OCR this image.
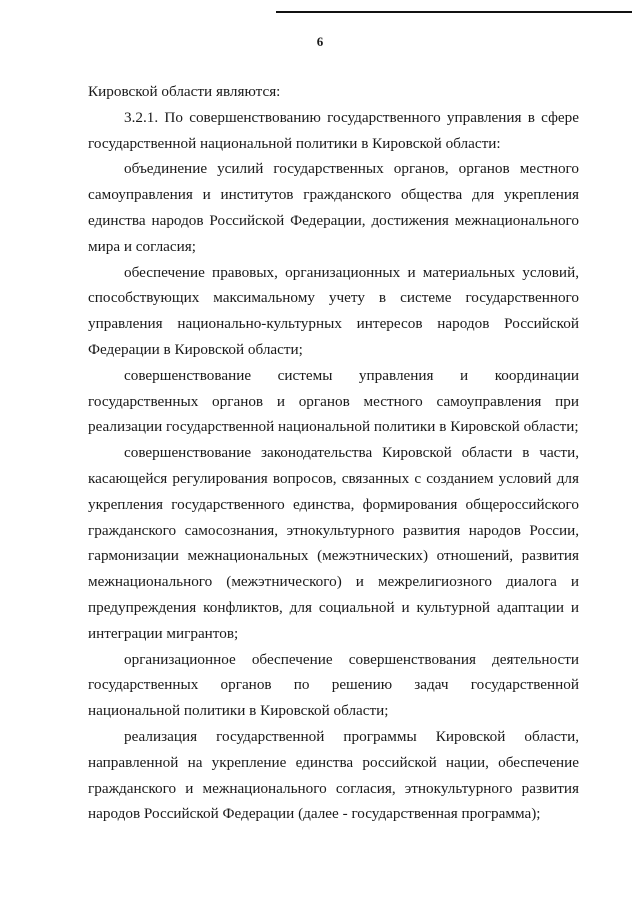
6

Кировской области являются:

3.2.1. По совершенствованию государственного управления в сфере государственной национальной политики в Кировской области:

объединение усилий государственных органов, органов местного самоуправления и институтов гражданского общества для укрепления единства народов Российской Федерации, достижения межнационального мира и согласия;

обеспечение правовых, организационных и материальных условий, способствующих максимальному учету в системе государственного управления национально-культурных интересов народов Российской Федерации в Кировской области;

совершенствование системы управления и координации государственных органов и органов местного самоуправления при реализации государственной национальной политики в Кировской области;

совершенствование законодательства Кировской области в части, касающейся регулирования вопросов, связанных с созданием условий для укрепления государственного единства, формирования общероссийского гражданского самосознания, этнокультурного развития народов России, гармонизации межнациональных (межэтнических) отношений, развития межнационального (межэтнического) и межрелигиозного диалога и предупреждения конфликтов, для социальной и культурной адаптации и интеграции мигрантов;

организационное обеспечение совершенствования деятельности государственных органов по решению задач государственной национальной политики в Кировской области;

реализация государственной программы Кировской области, направленной на укрепление единства российской нации, обеспечение гражданского и межнационального согласия, этнокультурного развития народов Российской Федерации (далее - государственная программа);
